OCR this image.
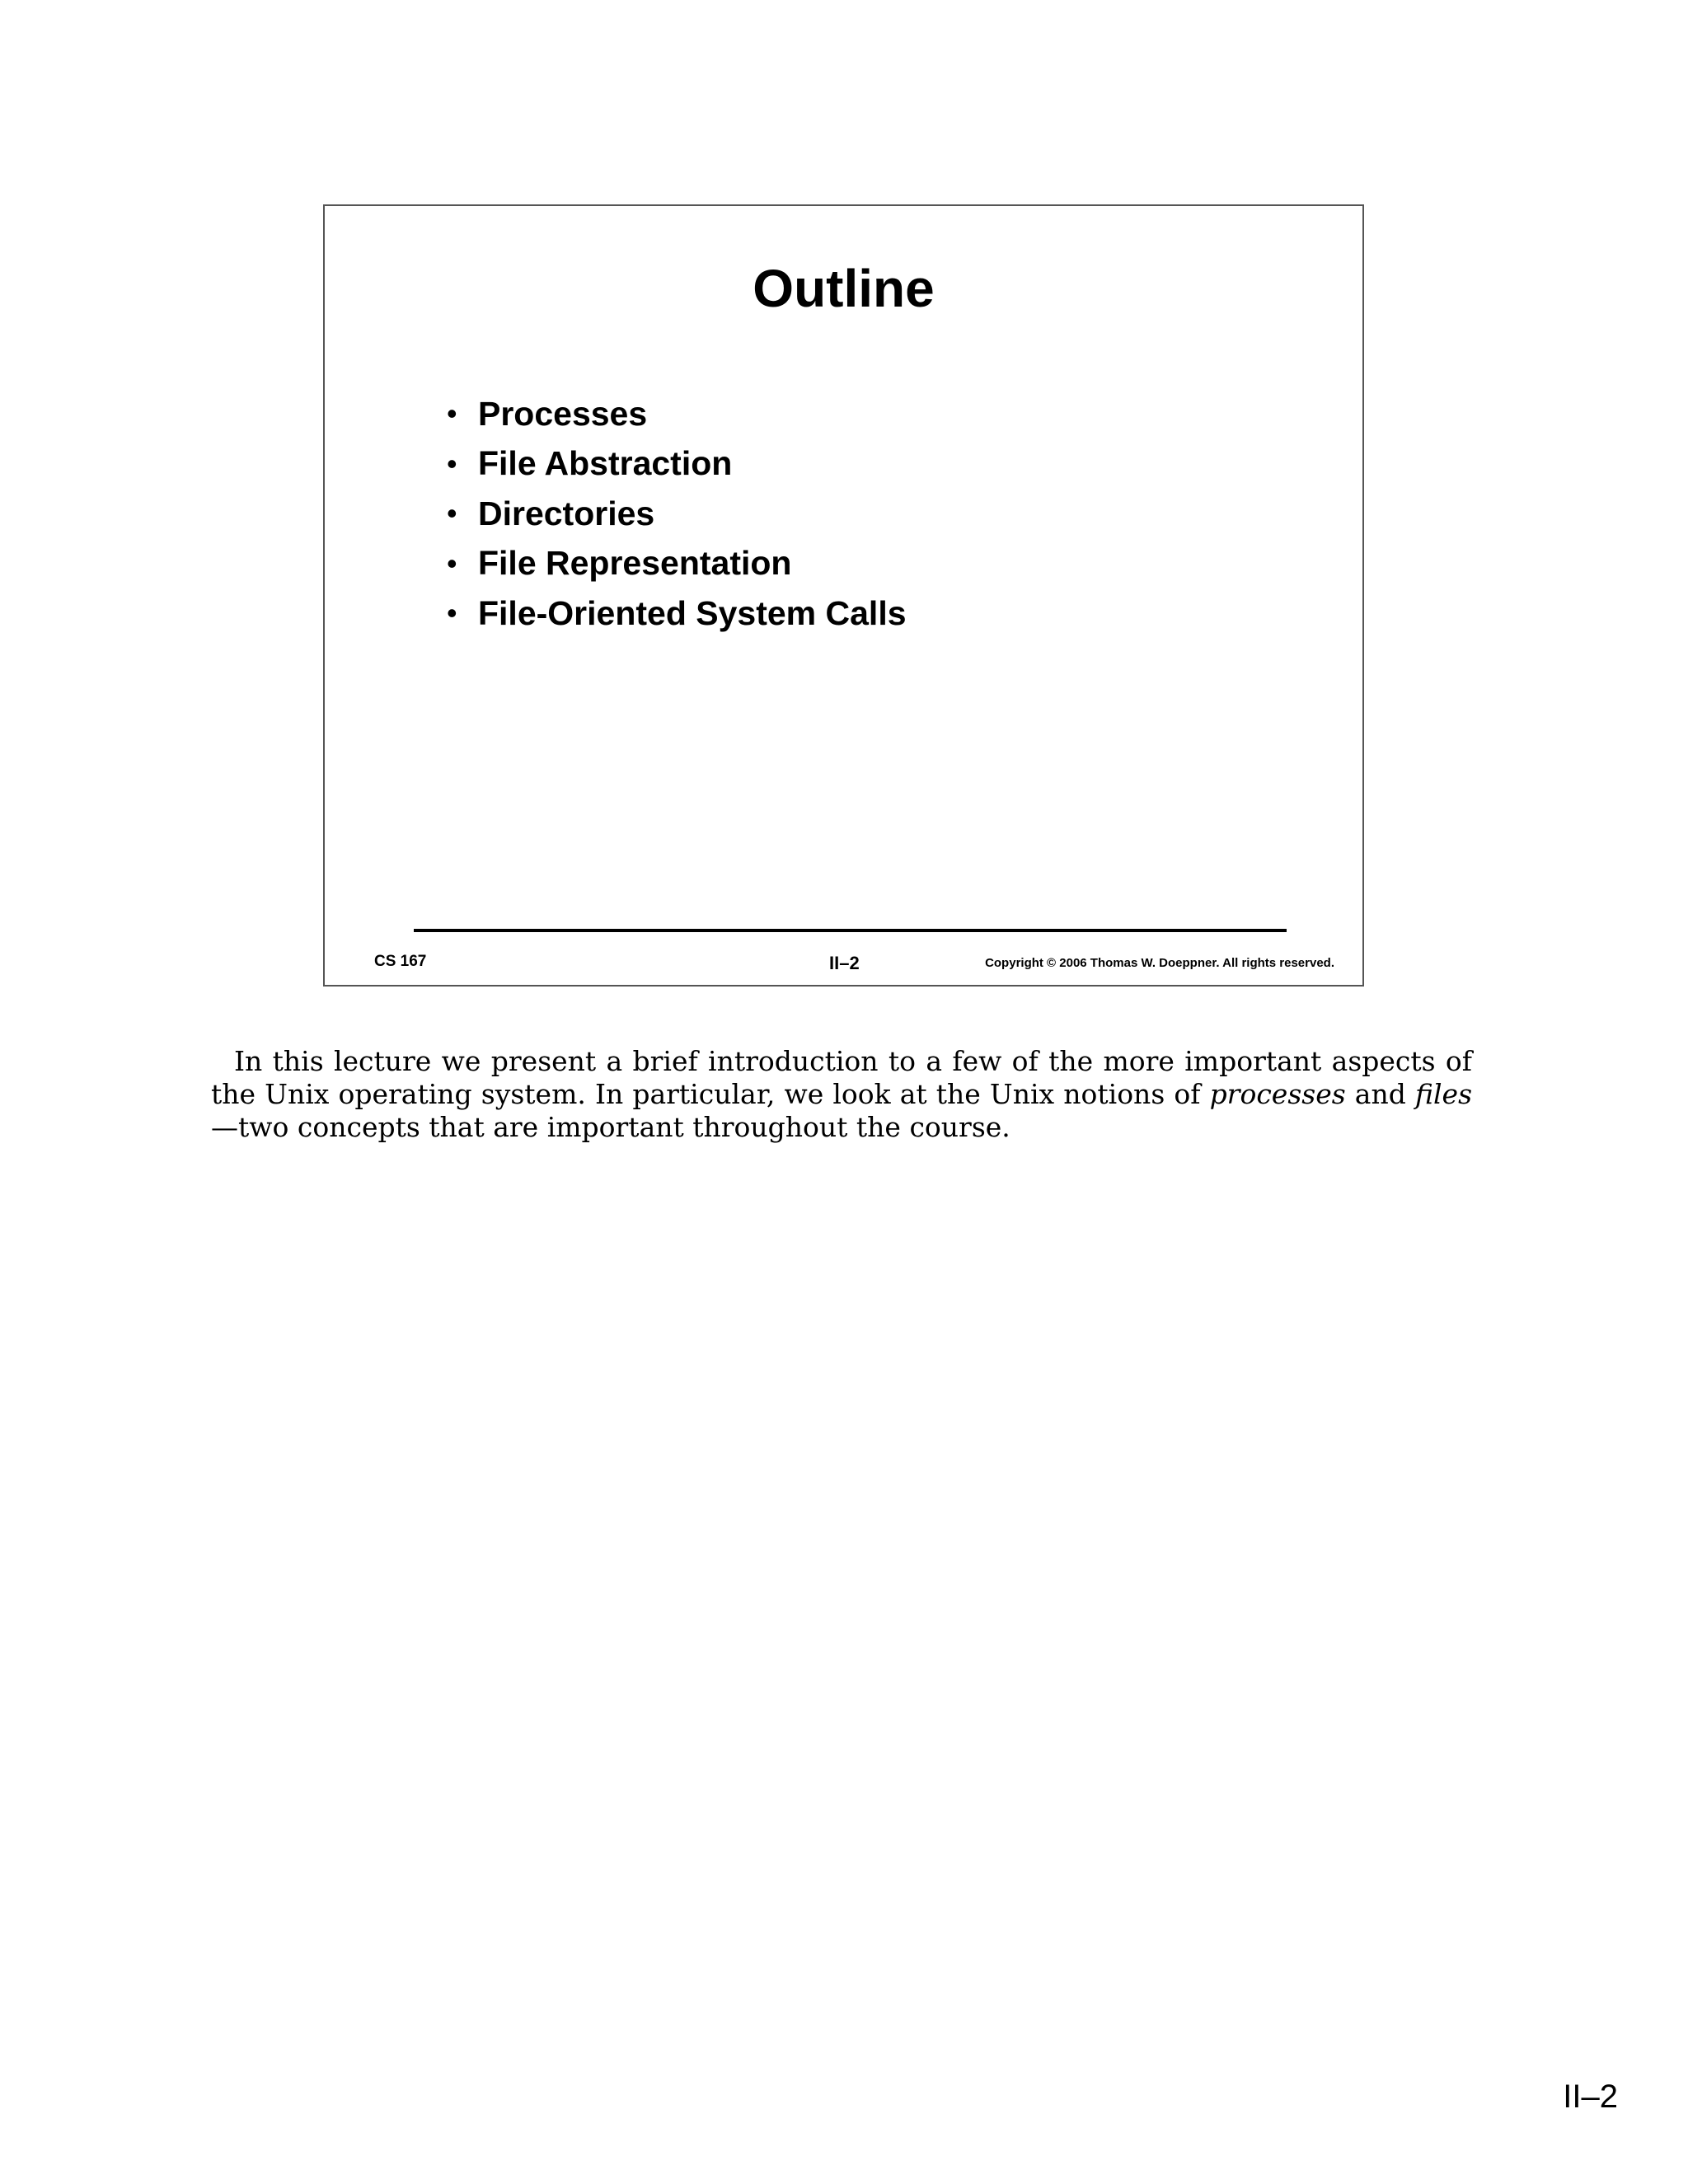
Outline
• Processes
• File Abstraction
• Directories
• File Representation
• File-Oriented System Calls
CS 167	II–2	Copyright © 2006 Thomas W. Doeppner. All rights reserved.

In this lecture we present a brief introduction to a few of the more important aspects of the Unix operating system. In particular, we look at the Unix notions of processes and files—two concepts that are important throughout the course.

II–2
